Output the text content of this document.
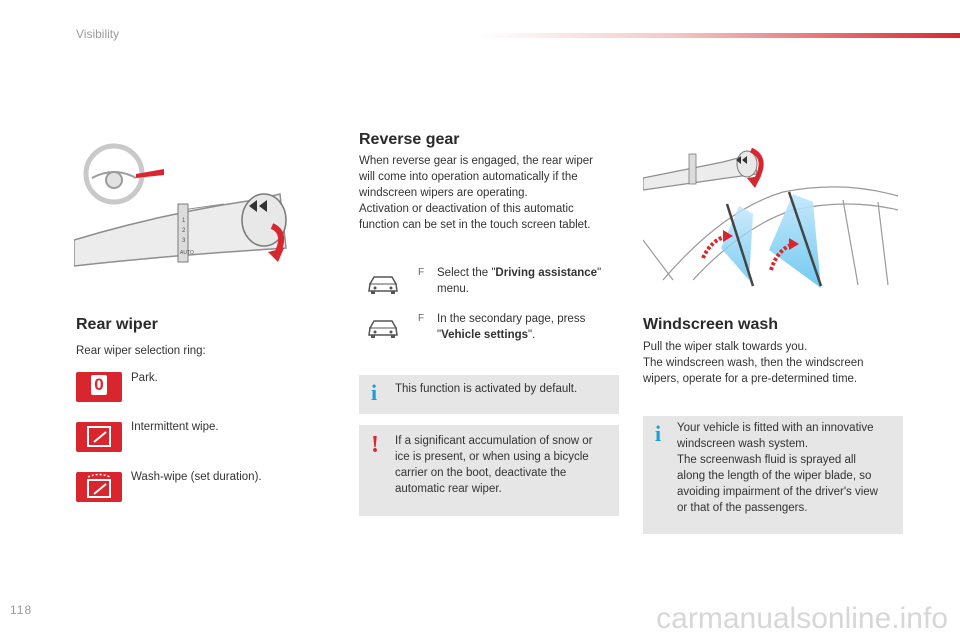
Visibility
1
2
3
AUTO
Rear wiper
Rear wiper selection ring:
0 Park.
Intermittent wipe.
Wash-wipe (set duration).
Reverse gear
When reverse gear is engaged, the rear wiper
will come into operation automatically if the
windscreen wipers are operating.
Activation or deactivation of this automatic
function can be set in the touch screen tablet.
F Select the "Driving assistance"
menu.
F In the secondary page, press
"Vehicle settings".
i This function is activated by default.
! If a significant accumulation of snow or
ice is present, or when using a bicycle
carrier on the boot, deactivate the
automatic rear wiper.
Windscreen wash
Pull the wiper stalk towards you.
The windscreen wash, then the windscreen
wipers, operate for a pre-determined time.
i Your vehicle is fitted with an innovative
windscreen wash system.
The screenwash fluid is sprayed all
along the length of the wiper blade, so
avoiding impairment of the driver's view
or that of the passengers.
118	carmanualsonline.info
